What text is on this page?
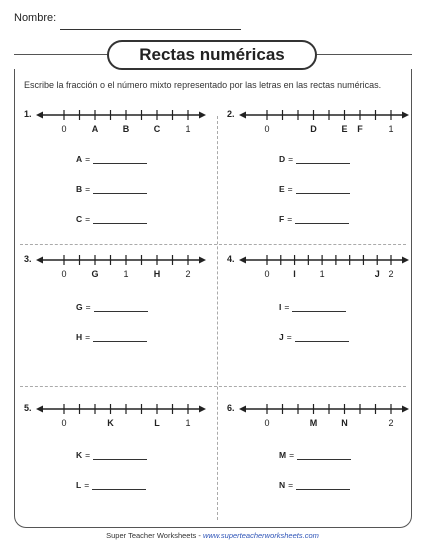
Nombre:
Rectas numéricas
Escribe la fracción o el número mixto representado por las letras en las rectas numéricas.
1.
0	A	B	C	1
A =
B =
C =
2.
0	D	E F	1
D =
E =
F =
3.
0	G	1	H	2
G =
H =
4.
0	I	1	J 2
I =
J =
5.
0	K	L	1
K =
L =
6.
0	M	N	2
M =
N =
Super Teacher Worksheets - www.superteacherworksheets.com
